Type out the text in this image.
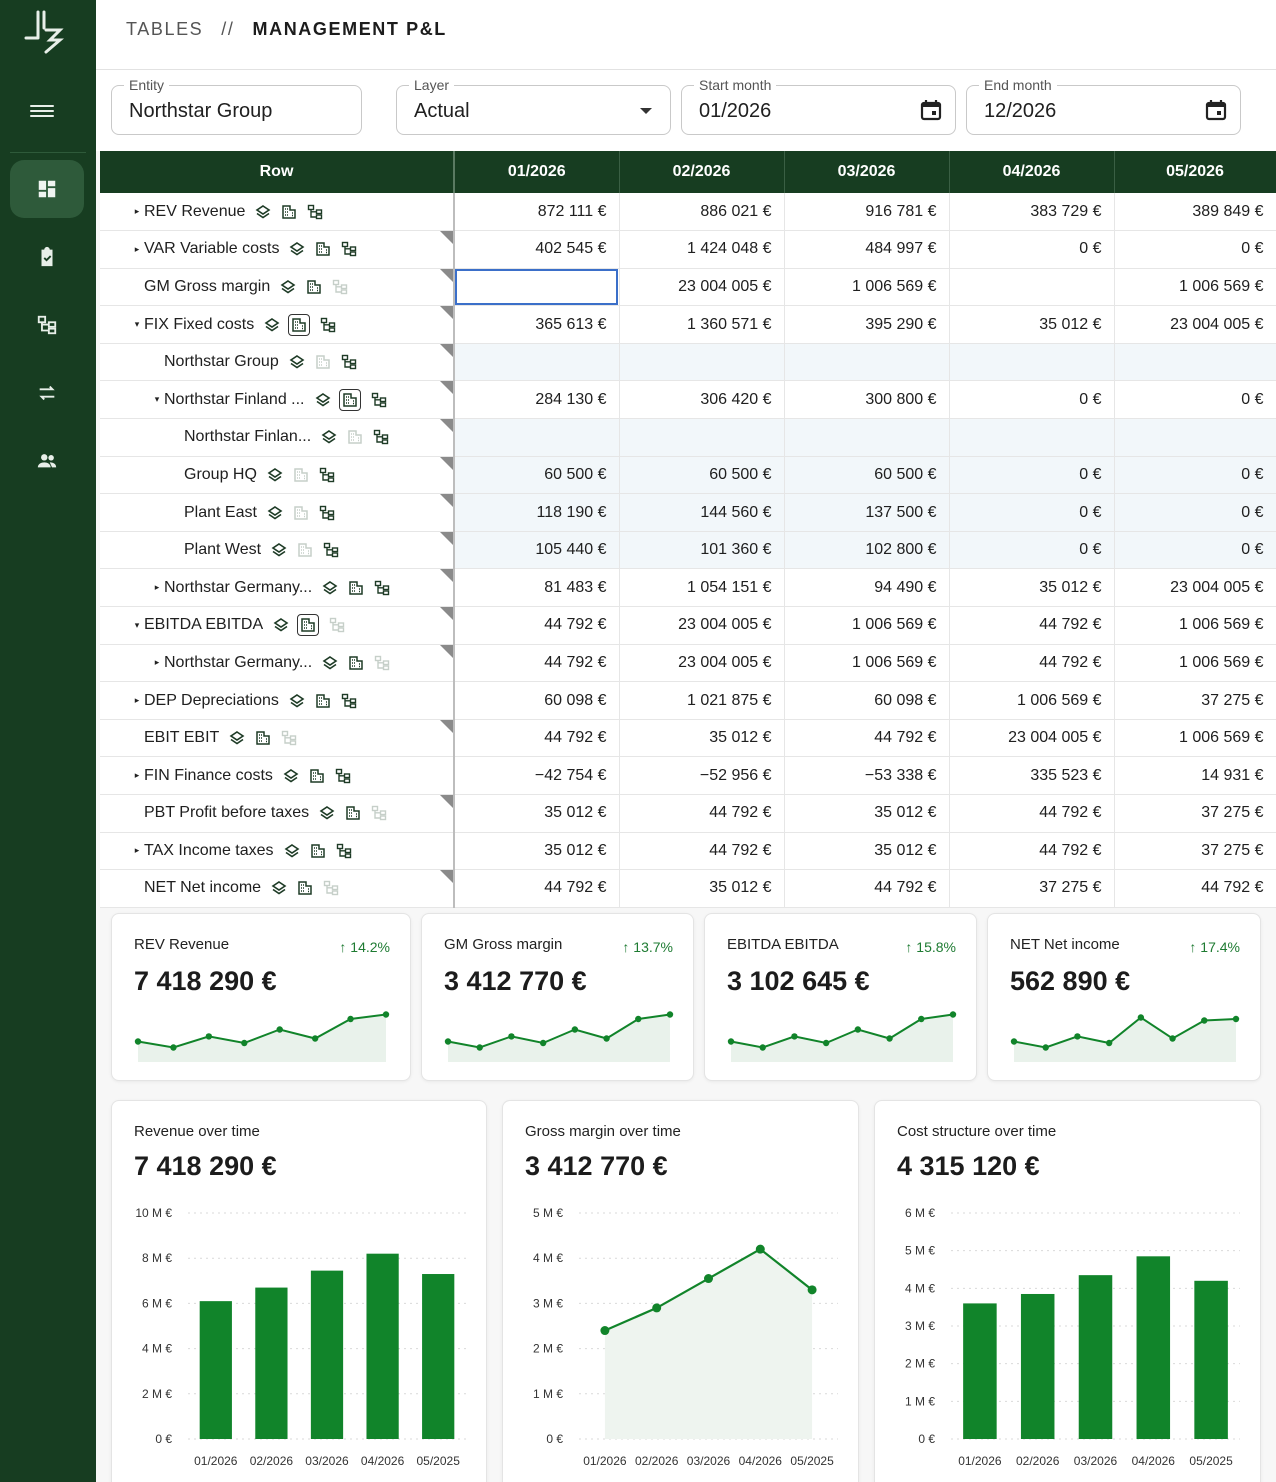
TABLES // MANAGEMENT P&L
Entity
Northstar Group
Layer
Actual
Start month
01/2026
End month
12/2026
Row	01/2026	02/2026	03/2026	04/2026	05/2026

▸ REV Revenue	872 111 €	886 021 €	916 781 €	383 729 €	389 849 €

▸ VAR Variable costs	402 545 €	1 424 048 €	484 997 €	0 €	0 €

GM Gross margin		23 004 005 €	1 006 569 €		1 006 569 €

▾ FIX Fixed costs	365 613 €	1 360 571 €	395 290 €	35 012 €	23 004 005 €

Northstar Group					

▾ Northstar Finland ...	284 130 €	306 420 €	300 800 €	0 €	0 €

Northstar Finlan...					

Group HQ	60 500 €	60 500 €	60 500 €	0 €	0 €

Plant East	118 190 €	144 560 €	137 500 €	0 €	0 €

Plant West	105 440 €	101 360 €	102 800 €	0 €	0 €

▸ Northstar Germany...	81 483 €	1 054 151 €	94 490 €	35 012 €	23 004 005 €

▾ EBITDA EBITDA	44 792 €	23 004 005 €	1 006 569 €	44 792 €	1 006 569 €

▸ Northstar Germany...	44 792 €	23 004 005 €	1 006 569 €	44 792 €	1 006 569 €

▸ DEP Depreciations	60 098 €	1 021 875 €	60 098 €	1 006 569 €	37 275 €

EBIT EBIT	44 792 €	35 012 €	44 792 €	23 004 005 €	1 006 569 €

▸ FIN Finance costs	−42 754 €	−52 956 €	−53 338 €	335 523 €	14 931 €

PBT Profit before taxes	35 012 €	44 792 €	35 012 €	44 792 €	37 275 €

▸ TAX Income taxes	35 012 €	44 792 €	35 012 €	44 792 €	37 275 €

NET Net income	44 792 €	35 012 €	44 792 €	37 275 €	44 792 €
REV Revenue	↑ 14.2%
7 418 290 €
GM Gross margin	↑ 13.7%
3 412 770 €
EBITDA EBITDA	↑ 15.8%
3 102 645 €
NET Net income	↑ 17.4%
562 890 €
Revenue over time
7 418 290 €
0 €
2 M €
4 M €
6 M €
8 M €
10 M €
01/2026 02/2026 03/2026 04/2026 05/2025
Gross margin over time
3 412 770 €
0 €
1 M €
2 M €
3 M €
4 M €
5 M €
01/2026 02/2026 03/2026 04/2026 05/2025
Cost structure over time
4 315 120 €
0 €
1 M €
2 M €
3 M €
4 M €
5 M €
6 M €
01/2026 02/2026 03/2026 04/2026 05/2025
